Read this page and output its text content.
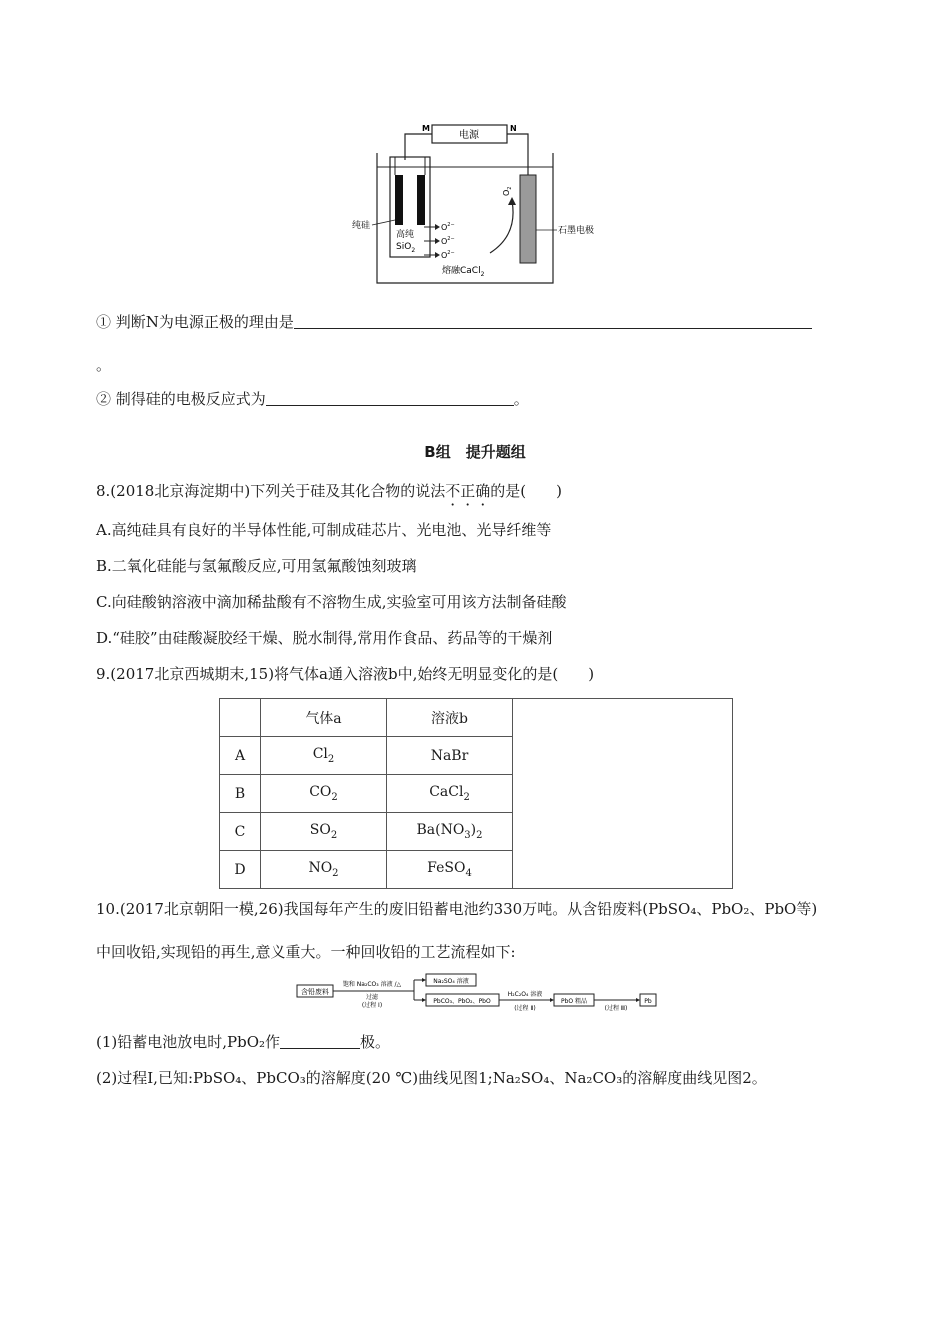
电源
M	N
纯硅
高纯
SiO$_2$
$O^{2-}$
$O^{2-}$
$O^{2-}$
石墨电极
$O_2$
熔融CaCl$_2$
① 判断N为电源正极的理由是
。
② 制得硅的电极反应式为	。
B组　提升题组
8.(2018北京海淀期中)下列关于硅及其化合物的说法不正确的是(　　)
A.高纯硅具有良好的半导体性能,可制成硅芯片、光电池、光导纤维等
B.二氧化硅能与氢氟酸反应,可用氢氟酸蚀刻玻璃
C.向硅酸钠溶液中滴加稀盐酸有不溶物生成,实验室可用该方法制备硅酸
D.“硅胶”由硅酸凝胶经干燥、脱水制得,常用作食品、药品等的干燥剂
9.(2017北京西城期末,15)将气体a通入溶液b中,始终无明显变化的是(　　)
	气体a	溶液b	
A	$Cl_2$	NaBr	
B	$CO_2$	CaCl$_2$
C	$SO_2$	$Ba(NO_3)_2$
D	$NO_2$	FeSO$_4$
10.(2017北京朝阳一模,26)我国每年产生的废旧铅蓄电池约330万吨。从含铅废料(PbSO₄、PbO₂、PbO等)
中回收铅,实现铅的再生,意义重大。一种回收铅的工艺流程如下:
含铅废料
饱和 Na₂CO₃ 溶液 /△
过滤
(过程 Ⅰ)
Na₂SO₄ 溶液
PbCO₃、PbO₂、PbO
H₂C₂O₄ 溶液
(过程 Ⅱ)
PbO 粗品
(过程 Ⅲ)
Pb
(1)铅蓄电池放电时,PbO₂作	极。
(2)过程Ⅰ,已知:PbSO₄、PbCO₃的溶解度(20 ℃)曲线见图1;Na₂SO₄、Na₂CO₃的溶解度曲线见图2。
